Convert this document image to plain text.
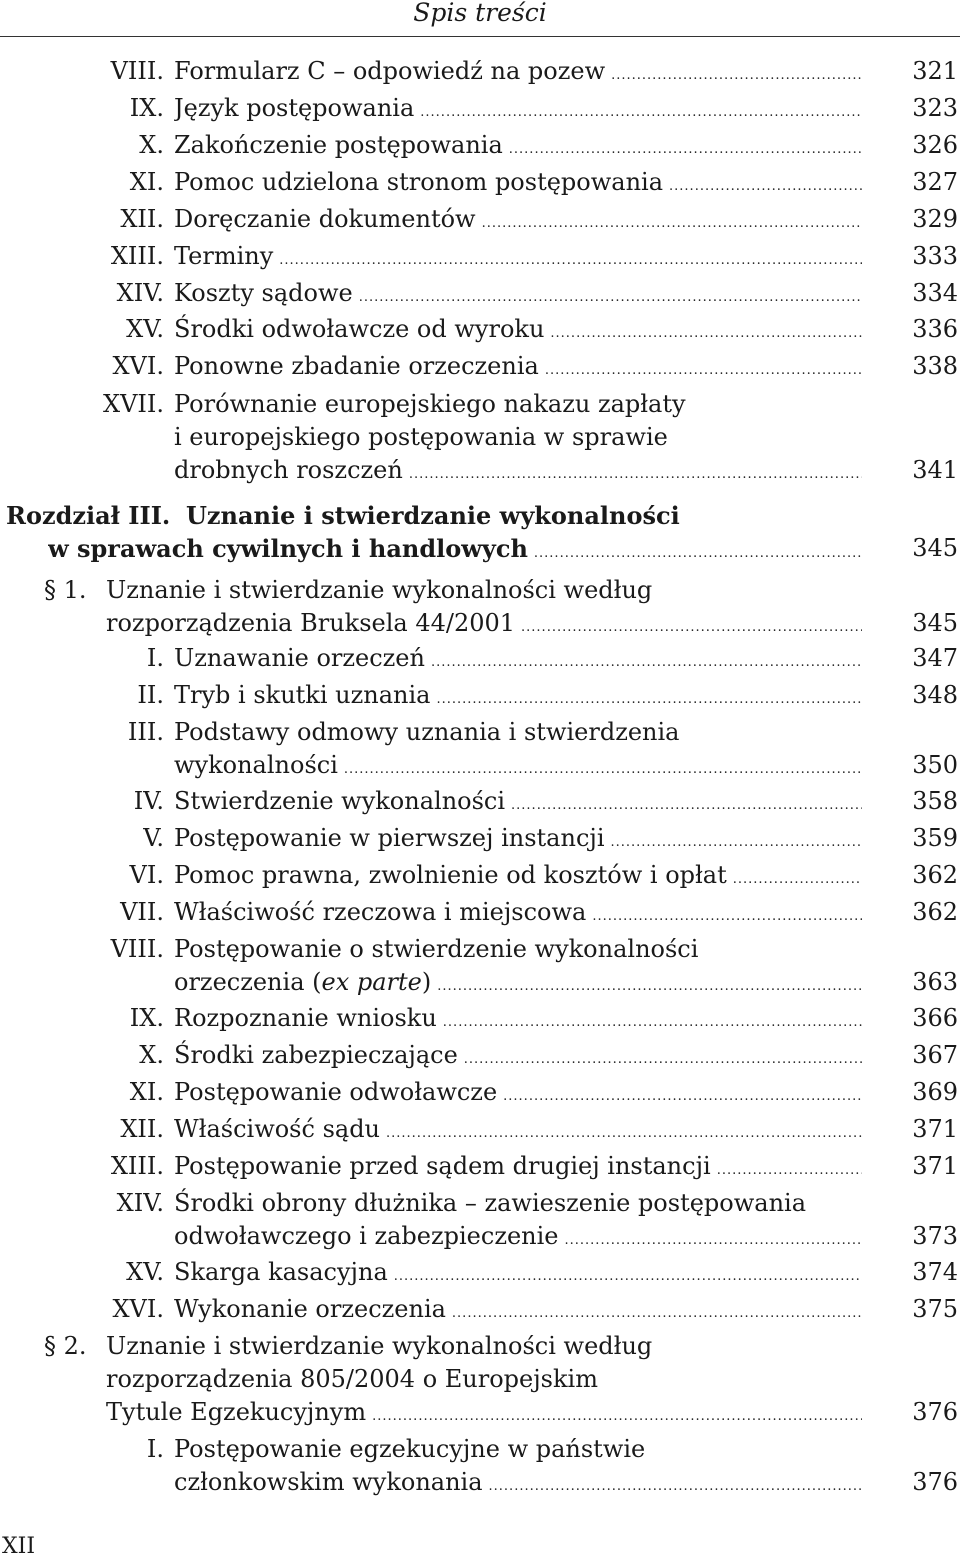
Spis treści
VIII. Formularz C – odpowiedź na pozew .....	321
IX. Język postępowania .....	323
X. Zakończenie postępowania .....	326
XI. Pomoc udzielona stronom postępowania .....	327
XII. Doręczanie dokumentów .....	329
XIII. Terminy .....	333
XIV. Koszty sądowe .....	334
XV. Środki odwoławcze od wyroku .....	336
XVI. Ponowne zbadanie orzeczenia .....	338
XVII. Porównanie europejskiego nakazu zapłaty
i europejskiego postępowania w sprawie
drobnych roszczeń .....	341
Rozdział III. Uznanie i stwierdzanie wykonalności
w sprawach cywilnych i handlowych .....	345
§ 1. Uznanie i stwierdzanie wykonalności według
rozporządzenia Bruksela 44/2001 .....	345
I. Uznawanie orzeczeń .....	347
II. Tryb i skutki uznania .....	348
III. Podstawy odmowy uznania i stwierdzenia
wykonalności .....	350
IV. Stwierdzenie wykonalności .....	358
V. Postępowanie w pierwszej instancji .....	359
VI. Pomoc prawna, zwolnienie od kosztów i opłat .....	362
VII. Właściwość rzeczowa i miejscowa .....	362
VIII. Postępowanie o stwierdzenie wykonalności
orzeczenia (ex parte) .....	363
IX. Rozpoznanie wniosku .....	366
X. Środki zabezpieczające .....	367
XI. Postępowanie odwoławcze .....	369
XII. Właściwość sądu .....	371
XIII. Postępowanie przed sądem drugiej instancji .....	371
XIV. Środki obrony dłużnika – zawieszenie postępowania
odwoławczego i zabezpieczenie .....	373
XV. Skarga kasacyjna .....	374
XVI. Wykonanie orzeczenia .....	375
§ 2. Uznanie i stwierdzanie wykonalności według
rozporządzenia 805/2004 o Europejskim
Tytule Egzekucyjnym .....	376
I. Postępowanie egzekucyjne w państwie
członkowskim wykonania .....	376
XII
